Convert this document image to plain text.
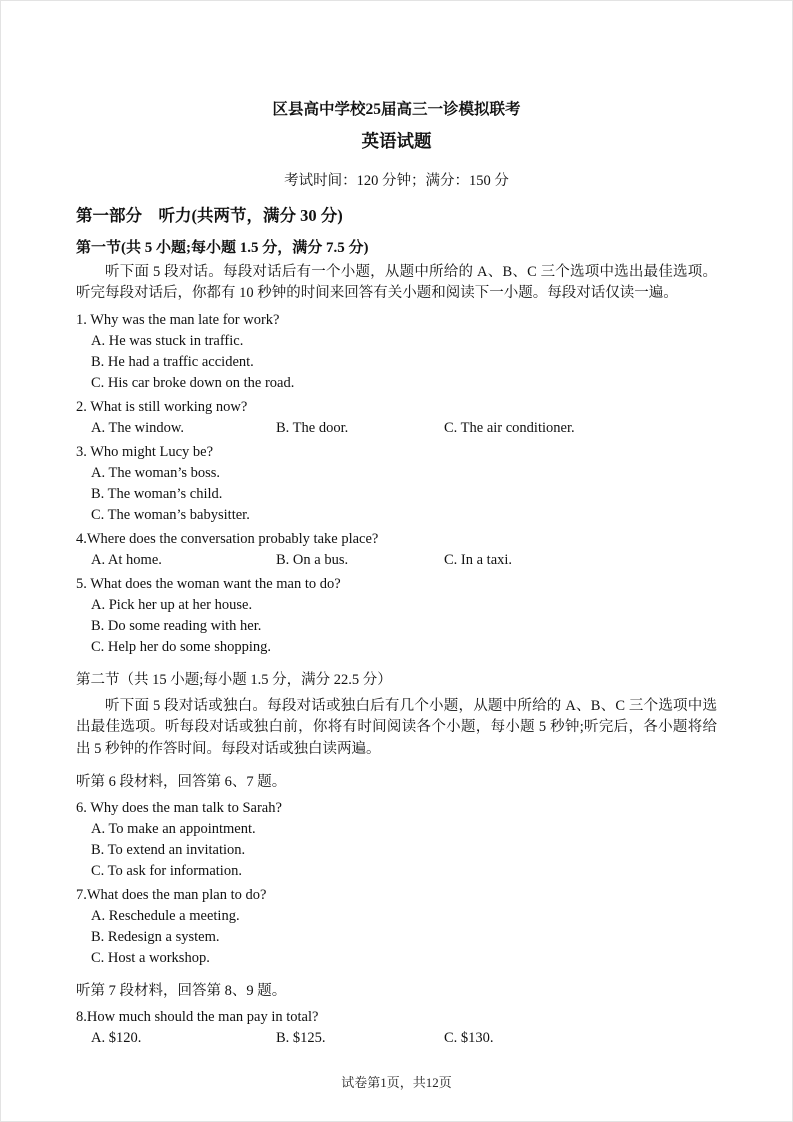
区县高中学校25届高三一诊模拟联考
英语试题
考试时间：120 分钟；满分：150 分
第一部分　听力(共两节，满分 30 分)
第一节(共 5 小题;每小题 1.5 分，满分 7.5 分)
听下面 5 段对话。每段对话后有一个小题，从题中所给的 A、B、C 三个选项中选出最佳选项。听完每段对话后，你都有 10 秒钟的时间来回答有关小题和阅读下一小题。每段对话仅读一遍。
1. Why was the man late for work?
A. He was stuck in traffic.
B. He had a traffic accident.
C. His car broke down on the road.
2. What is still working now?
A. The window.	B. The door.	C. The air conditioner.
3. Who might Lucy be?
A. The woman’s boss.
B. The woman’s child.
C. The woman’s babysitter.
4.Where does the conversation probably take place?
A. At home.	B. On a bus.	C. In a taxi.
5. What does the woman want the man to do?
A. Pick her up at her house.
B. Do some reading with her.
C. Help her do some shopping.
第二节（共 15 小题;每小题 1.5 分，满分 22.5 分）
听下面 5 段对话或独白。每段对话或独白后有几个小题，从题中所给的 A、B、C 三个选项中选出最佳选项。听每段对话或独白前，你将有时间阅读各个小题，每小题 5 秒钟;听完后，各小题将给出 5 秒钟的作答时间。每段对话或独白读两遍。
听第 6 段材料，回答第 6、7 题。
6. Why does the man talk to Sarah?
A. To make an appointment.
B. To extend an invitation.
C. To ask for information.
7.What does the man plan to do?
A. Reschedule a meeting.
B. Redesign a system.
C. Host a workshop.
听第 7 段材料，回答第 8、9 题。
8.How much should the man pay in total?
A. $120.	B. $125.	C. $130.
试卷第1页，共12页
